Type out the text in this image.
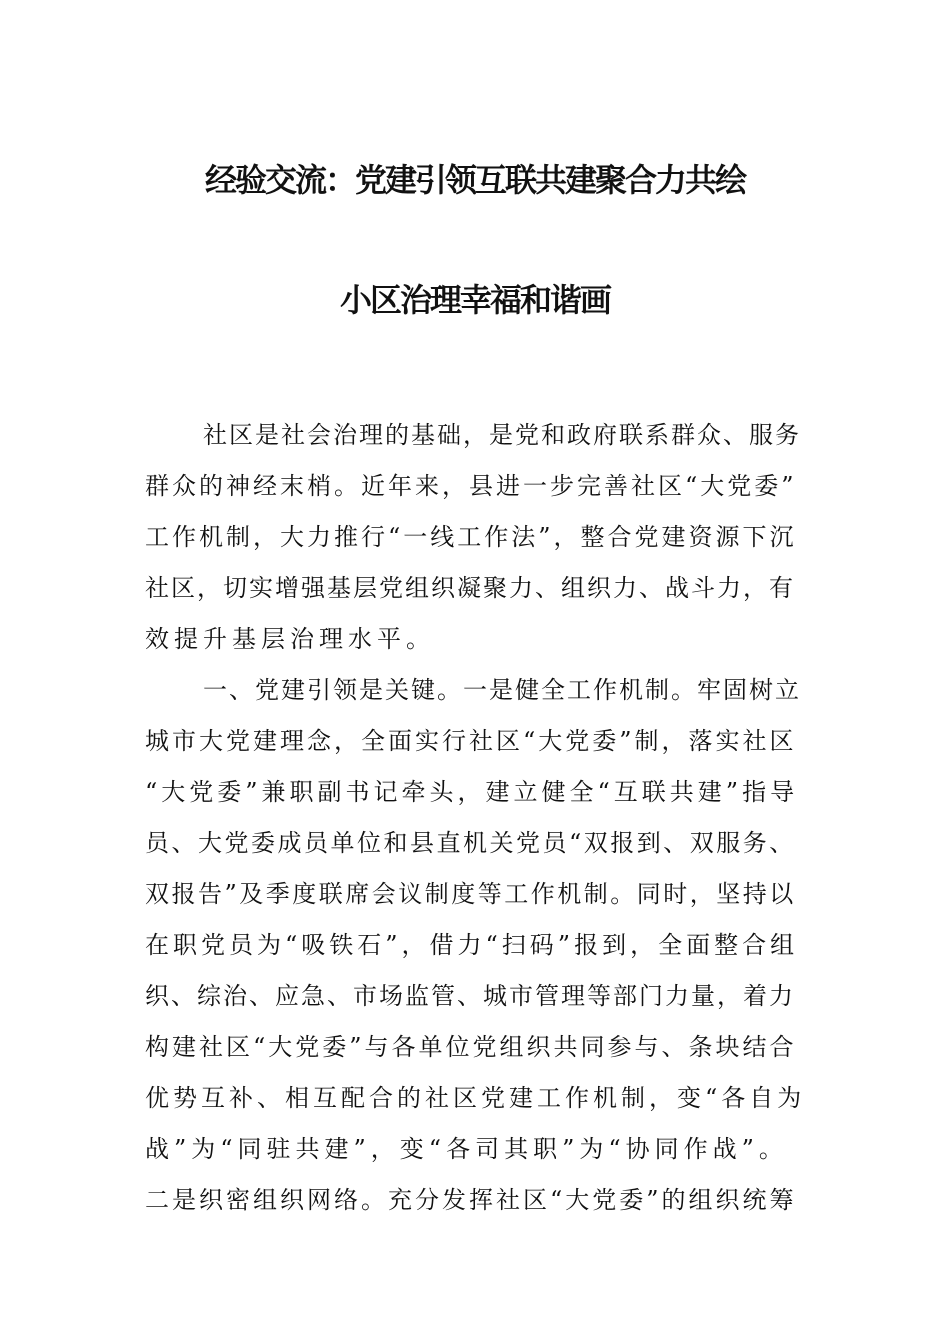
经验交流：党建引领互联共建聚合力共绘
小区治理幸福和谐画
社区是社会治理的基础，是党和政府联系群众、服务
群众的神经末梢。近年来，县进一步完善社区“大党委”
工作机制，大力推行“一线工作法”，整合党建资源下沉
社区，切实增强基层党组织凝聚力、组织力、战斗力，有
效提升基层治理水平。
一、党建引领是关键。一是健全工作机制。牢固树立
城市大党建理念，全面实行社区“大党委”制，落实社区
“大党委”兼职副书记牵头，建立健全“互联共建”指导
员、大党委成员单位和县直机关党员“双报到、双服务、
双报告”及季度联席会议制度等工作机制。同时，坚持以
在职党员为“吸铁石”，借力“扫码”报到，全面整合组
织、综治、应急、市场监管、城市管理等部门力量，着力
构建社区“大党委”与各单位党组织共同参与、条块结合
优势互补、相互配合的社区党建工作机制，变“各自为
战”为“同驻共建”，变“各司其职”为“协同作战”。
二是织密组织网络。充分发挥社区“大党委”的组织统筹
